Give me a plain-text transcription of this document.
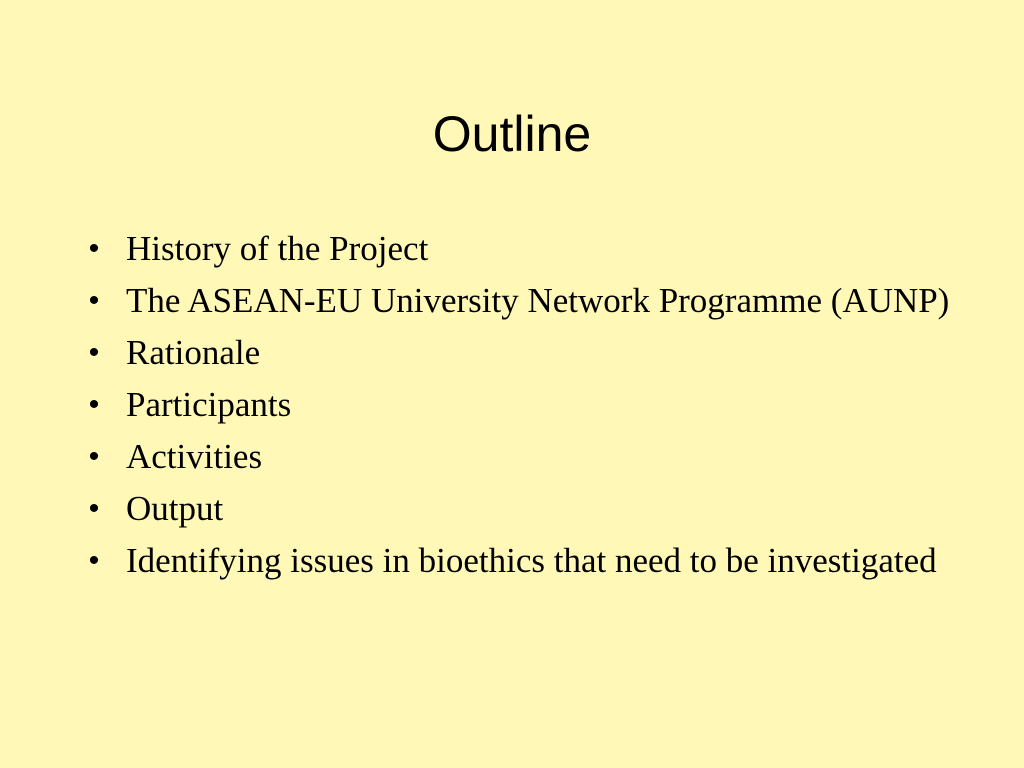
Outline
• History of the Project
• The ASEAN-EU University Network Programme (AUNP)
• Rationale
• Participants
• Activities
• Output
• Identifying issues in bioethics that need to be investigated
